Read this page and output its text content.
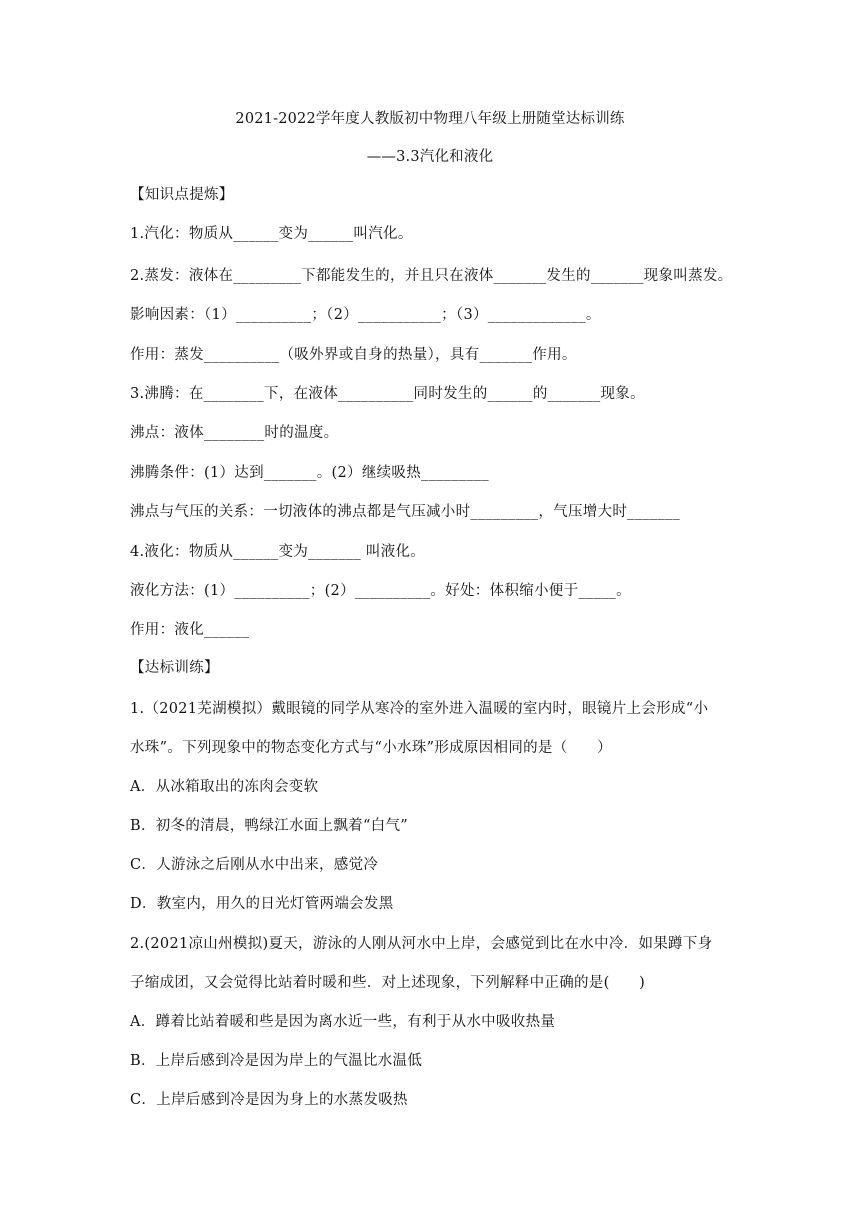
2021-2022学年度人教版初中物理八年级上册随堂达标训练
——3.3汽化和液化
【知识点提炼】
1.汽化：物质从______变为______叫汽化。
2.蒸发：液体在_________下都能发生的，并且只在液体_______发生的_______现象叫蒸发。
影响因素：（1）__________；（2）___________；（3）_____________。
作用：蒸发__________（吸外界或自身的热量），具有_______作用。
3.沸腾：在________下，在液体__________同时发生的______的_______现象。
沸点：液体________时的温度。
沸腾条件：(1）达到_______。(2）继续吸热_________
沸点与气压的关系：一切液体的沸点都是气压减小时_________，气压增大时_______
4.液化：物质从______变为_______ 叫液化。
液化方法：(1）__________；(2）__________。好处：体积缩小便于_____。
作用：液化______
【达标训练】
1.（2021芜湖模拟）戴眼镜的同学从寒冷的室外进入温暖的室内时，眼镜片上会形成“小
水珠”。下列现象中的物态变化方式与“小水珠”形成原因相同的是（　　）
A．从冰箱取出的冻肉会变软
B．初冬的清晨，鸭绿江水面上飘着“白气”
C．人游泳之后刚从水中出来，感觉冷
D．教室内，用久的日光灯管两端会发黑
2.(2021凉山州模拟)夏天，游泳的人刚从河水中上岸，会感觉到比在水中冷．如果蹲下身
子缩成团，又会觉得比站着时暖和些．对上述现象，下列解释中正确的是(　　)
A．蹲着比站着暖和些是因为离水近一些，有利于从水中吸收热量
B．上岸后感到冷是因为岸上的气温比水温低
C．上岸后感到冷是因为身上的水蒸发吸热
